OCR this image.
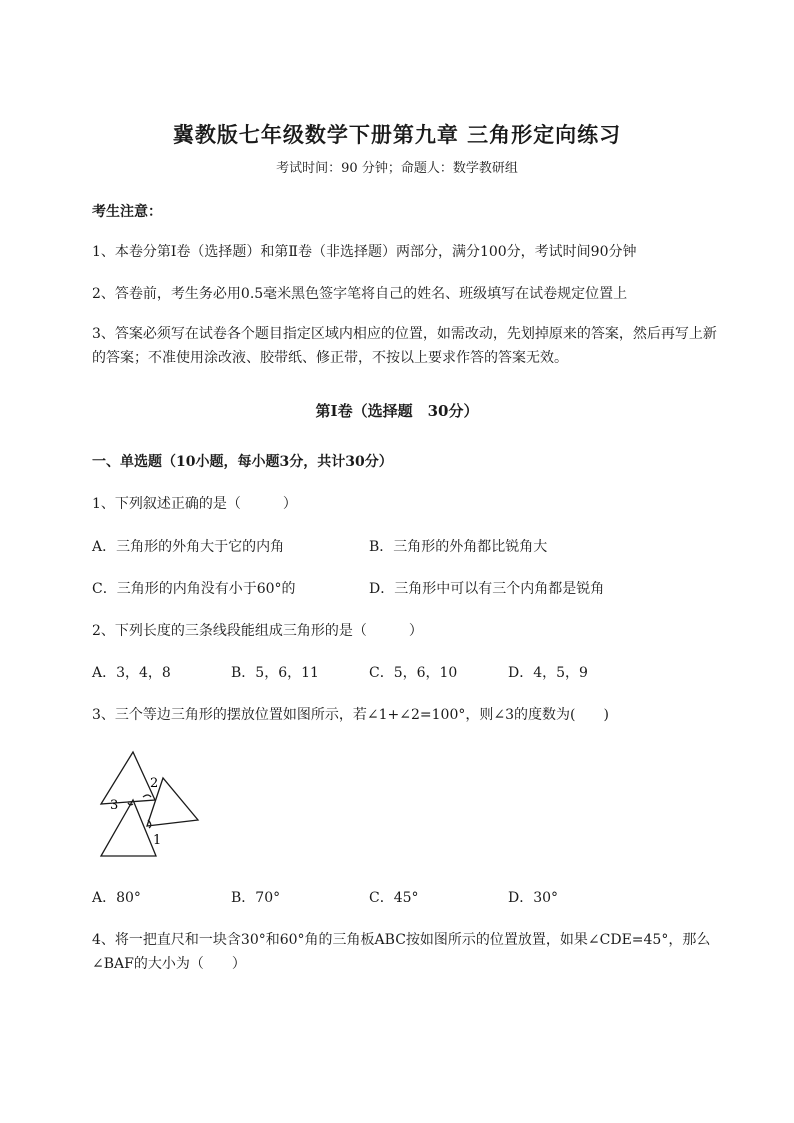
冀教版七年级数学下册第九章 三角形定向练习
考试时间：90 分钟；命题人：数学教研组
考生注意：
1、本卷分第Ⅰ卷（选择题）和第Ⅱ卷（非选择题）两部分，满分100分，考试时间90分钟
2、答卷前，考生务必用0.5毫米黑色签字笔将自己的姓名、班级填写在试卷规定位置上
3、答案必须写在试卷各个题目指定区域内相应的位置，如需改动，先划掉原来的答案，然后再写上新的答案；不准使用涂改液、胶带纸、修正带，不按以上要求作答的答案无效。
第Ⅰ卷（选择题　30分）
一、单选题（10小题，每小题3分，共计30分）
1、下列叙述正确的是（　　　）
A．三角形的外角大于它的内角	B．三角形的外角都比锐角大
C．三角形的内角没有小于60°的	D．三角形中可以有三个内角都是锐角
2、下列长度的三条线段能组成三角形的是（　　　）
A．3，4，8	B．5，6，11	C．5，6，10	D．4，5，9
3、三个等边三角形的摆放位置如图所示，若∠1+∠2=100°，则∠3的度数为(　　)
2
3
1
A．80°	B．70°	C．45°	D．30°
4、将一把直尺和一块含30°和60°角的三角板ABC按如图所示的位置放置，如果∠CDE=45°，那么∠BAF的大小为（　　）
